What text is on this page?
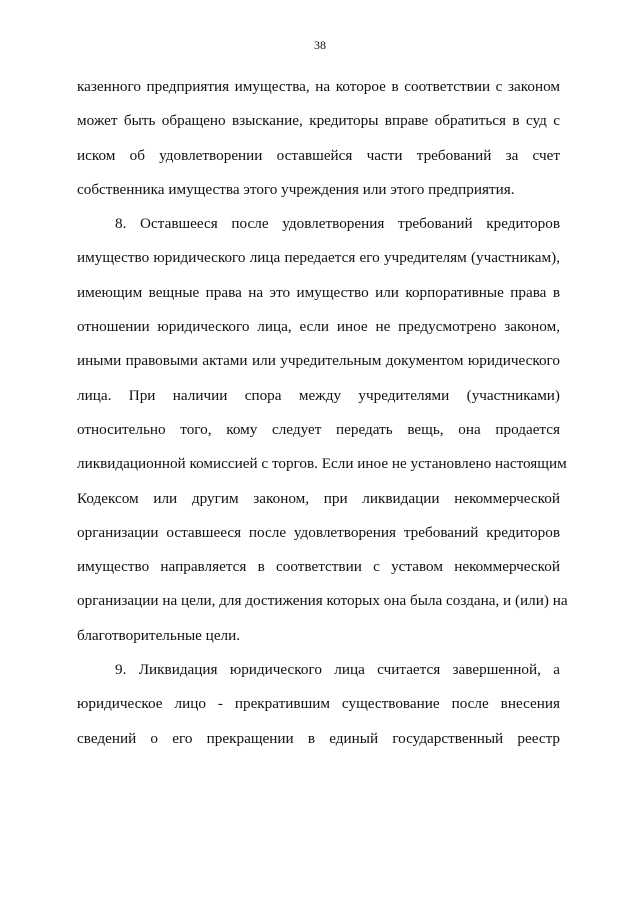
38
казенного предприятия имущества, на которое в соответствии с законом
может быть обращено взыскание, кредиторы вправе обратиться в суд с
иском об удовлетворении оставшейся части требований за счет
собственника имущества этого учреждения или этого предприятия.
8. Оставшееся после удовлетворения требований кредиторов
имущество юридического лица передается его учредителям (участникам),
имеющим вещные права на это имущество или корпоративные права в
отношении юридического лица, если иное не предусмотрено законом,
иными правовыми актами или учредительным документом юридического
лица. При наличии спора между учредителями (участниками)
относительно того, кому следует передать вещь, она продается
ликвидационной комиссией с торгов. Если иное не установлено настоящим
Кодексом или другим законом, при ликвидации некоммерческой
организации оставшееся после удовлетворения требований кредиторов
имущество направляется в соответствии с уставом некоммерческой
организации на цели, для достижения которых она была создана, и (или) на
благотворительные цели.
9. Ликвидация юридического лица считается завершенной, а
юридическое лицо - прекратившим существование после внесения
сведений о его прекращении в единый государственный реестр
